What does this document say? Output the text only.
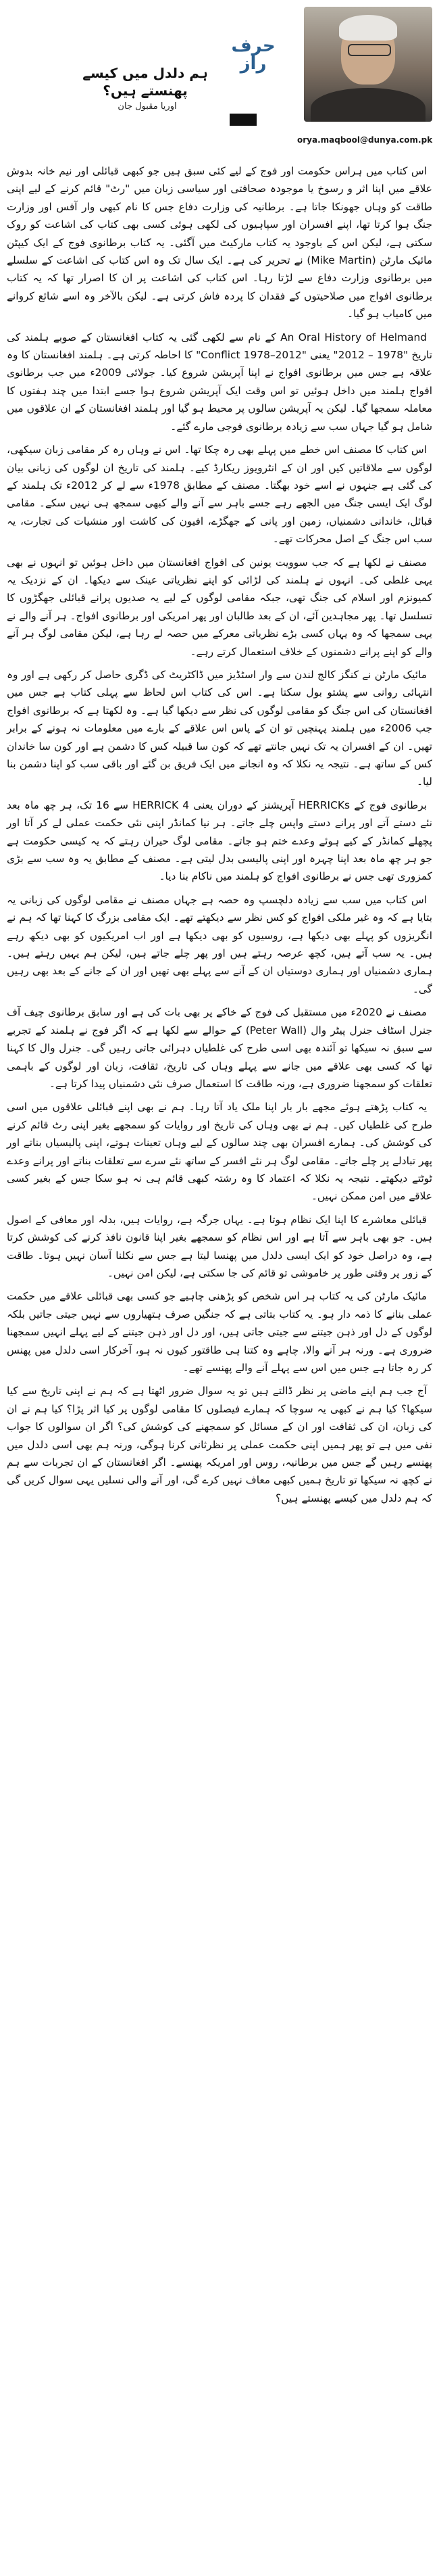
ہم دلدل میں کیسے پھنستے ہیں؟
اوریا مقبول جان
حرف راز
orya.maqbool@dunya.com.pk

اس کتاب میں ہراس حکومت اور فوج کے لیے کئی سبق ہیں جو کبھی قبائلی اور نیم خانہ بدوش علاقے میں اپنا اثر و رسوخ یا موجودہ صحافتی اور سیاسی زبان میں "رٹ" قائم کرنے کے لیے اپنی طاقت کو وہاں جھونکا جاتا ہے۔ برطانیہ کی وزارت دفاع جس کا نام کبھی وار آفس اور وزارت جنگ ہوا کرتا تھا، اپنے افسران اور سپاہیوں کی لکھی ہوئی کسی بھی کتاب کی اشاعت کو روک سکتی ہے، لیکن اس کے باوجود یہ کتاب مارکیٹ میں آگئی۔ یہ کتاب برطانوی فوج کے ایک کیپٹن مائیک مارٹن (Mike Martin) نے تحریر کی ہے۔ ایک سال تک وہ اس کتاب کی اشاعت کے سلسلے میں برطانوی وزارت دفاع سے لڑتا رہا۔ اس کتاب کی اشاعت پر ان کا اصرار تھا کہ یہ کتاب برطانوی افواج میں صلاحیتوں کے فقدان کا پردہ فاش کرتی ہے۔ لیکن بالآخر وہ اسے شائع کروانے میں کامیاب ہو گیا۔

An Oral History of Helmand کے نام سے لکھی گئی یہ کتاب افغانستان کے صوبے ہلمند کی تاریخ "1978 – 2012" یعنی "Conflict 1978–2012" کا احاطہ کرتی ہے۔ ہلمند افغانستان کا وہ علاقہ ہے جس میں برطانوی افواج نے اپنا آپریشن شروع کیا۔ جولائی 2009ء میں جب برطانوی افواج ہلمند میں داخل ہوئیں تو اس وقت ایک آپریشن شروع ہوا جسے ابتدا میں چند ہفتوں کا معاملہ سمجھا گیا۔ لیکن یہ آپریشن سالوں پر محیط ہو گیا اور ہلمند افغانستان کے ان علاقوں میں شامل ہو گیا جہاں سب سے زیادہ برطانوی فوجی مارے گئے۔

اس کتاب کا مصنف اس خطے میں پہلے بھی رہ چکا تھا۔ اس نے وہاں رہ کر مقامی زبان سیکھی، لوگوں سے ملاقاتیں کیں اور ان کے انٹرویوز ریکارڈ کیے۔ ہلمند کی تاریخ ان لوگوں کی زبانی بیان کی گئی ہے جنہوں نے اسے خود بھگتا۔ مصنف کے مطابق 1978ء سے لے کر 2012ء تک ہلمند کے لوگ ایک ایسی جنگ میں الجھے رہے جسے باہر سے آنے والے کبھی سمجھ ہی نہیں سکے۔ مقامی قبائل، خاندانی دشمنیاں، زمین اور پانی کے جھگڑے، افیون کی کاشت اور منشیات کی تجارت، یہ سب اس جنگ کے اصل محرکات تھے۔

مصنف نے لکھا ہے کہ جب سوویت یونین کی افواج افغانستان میں داخل ہوئیں تو انہوں نے بھی یہی غلطی کی۔ انہوں نے ہلمند کی لڑائی کو اپنے نظریاتی عینک سے دیکھا۔ ان کے نزدیک یہ کمیونزم اور اسلام کی جنگ تھی، جبکہ مقامی لوگوں کے لیے یہ صدیوں پرانے قبائلی جھگڑوں کا تسلسل تھا۔ پھر مجاہدین آئے، ان کے بعد طالبان اور پھر امریکی اور برطانوی افواج۔ ہر آنے والے نے یہی سمجھا کہ وہ یہاں کسی بڑے نظریاتی معرکے میں حصہ لے رہا ہے، لیکن مقامی لوگ ہر آنے والے کو اپنے پرانے دشمنوں کے خلاف استعمال کرتے رہے۔

مائیک مارٹن نے کنگز کالج لندن سے وار اسٹڈیز میں ڈاکٹریٹ کی ڈگری حاصل کر رکھی ہے اور وہ انتہائی روانی سے پشتو بول سکتا ہے۔ اس کی کتاب اس لحاظ سے پہلی کتاب ہے جس میں افغانستان کی اس جنگ کو مقامی لوگوں کی نظر سے دیکھا گیا ہے۔ وہ لکھتا ہے کہ برطانوی افواج جب 2006ء میں ہلمند پہنچیں تو ان کے پاس اس علاقے کے بارے میں معلومات نہ ہونے کے برابر تھیں۔ ان کے افسران یہ تک نہیں جانتے تھے کہ کون سا قبیلہ کس کا دشمن ہے اور کون سا خاندان کس کے ساتھ ہے۔ نتیجہ یہ نکلا کہ وہ انجانے میں ایک فریق بن گئے اور باقی سب کو اپنا دشمن بنا لیا۔

برطانوی فوج کے HERRICKs آپریشنز کے دوران یعنی HERRICK 4 سے 16 تک، ہر چھ ماہ بعد نئے دستے آتے اور پرانے دستے واپس چلے جاتے۔ ہر نیا کمانڈر اپنی نئی حکمت عملی لے کر آتا اور پچھلے کمانڈر کے کیے ہوئے وعدے ختم ہو جاتے۔ مقامی لوگ حیران رہتے کہ یہ کیسی حکومت ہے جو ہر چھ ماہ بعد اپنا چہرہ اور اپنی پالیسی بدل لیتی ہے۔ مصنف کے مطابق یہ وہ سب سے بڑی کمزوری تھی جس نے برطانوی افواج کو ہلمند میں ناکام بنا دیا۔

اس کتاب میں سب سے زیادہ دلچسپ وہ حصہ ہے جہاں مصنف نے مقامی لوگوں کی زبانی یہ بتایا ہے کہ وہ غیر ملکی افواج کو کس نظر سے دیکھتے تھے۔ ایک مقامی بزرگ کا کہنا تھا کہ ہم نے انگریزوں کو پہلے بھی دیکھا ہے، روسیوں کو بھی دیکھا ہے اور اب امریکیوں کو بھی دیکھ رہے ہیں۔ یہ سب آتے ہیں، کچھ عرصہ رہتے ہیں اور پھر چلے جاتے ہیں، لیکن ہم یہیں رہتے ہیں۔ ہماری دشمنیاں اور ہماری دوستیاں ان کے آنے سے پہلے بھی تھیں اور ان کے جانے کے بعد بھی رہیں گی۔

مصنف نے 2020ء میں مستقبل کی فوج کے خاکے پر بھی بات کی ہے اور سابق برطانوی چیف آف جنرل اسٹاف جنرل پیٹر وال (Peter Wall) کے حوالے سے لکھا ہے کہ اگر فوج نے ہلمند کے تجربے سے سبق نہ سیکھا تو آئندہ بھی اسی طرح کی غلطیاں دہرائی جاتی رہیں گی۔ جنرل وال کا کہنا تھا کہ کسی بھی علاقے میں جانے سے پہلے وہاں کی تاریخ، ثقافت، زبان اور لوگوں کے باہمی تعلقات کو سمجھنا ضروری ہے، ورنہ طاقت کا استعمال صرف نئی دشمنیاں پیدا کرتا ہے۔

یہ کتاب پڑھتے ہوئے مجھے بار بار اپنا ملک یاد آتا رہا۔ ہم نے بھی اپنے قبائلی علاقوں میں اسی طرح کی غلطیاں کیں۔ ہم نے بھی وہاں کی تاریخ اور روایات کو سمجھے بغیر اپنی رٹ قائم کرنے کی کوشش کی۔ ہمارے افسران بھی چند سالوں کے لیے وہاں تعینات ہوتے، اپنی پالیسیاں بناتے اور پھر تبادلے پر چلے جاتے۔ مقامی لوگ ہر نئے افسر کے ساتھ نئے سرے سے تعلقات بناتے اور پرانے وعدے ٹوٹتے دیکھتے۔ نتیجہ یہ نکلا کہ اعتماد کا وہ رشتہ کبھی قائم ہی نہ ہو سکا جس کے بغیر کسی علاقے میں امن ممکن نہیں۔

قبائلی معاشرے کا اپنا ایک نظام ہوتا ہے۔ یہاں جرگہ ہے، روایات ہیں، بدلہ اور معافی کے اصول ہیں۔ جو بھی باہر سے آتا ہے اور اس نظام کو سمجھے بغیر اپنا قانون نافذ کرنے کی کوشش کرتا ہے، وہ دراصل خود کو ایک ایسی دلدل میں پھنسا لیتا ہے جس سے نکلنا آسان نہیں ہوتا۔ طاقت کے زور پر وقتی طور پر خاموشی تو قائم کی جا سکتی ہے، لیکن امن نہیں۔

مائیک مارٹن کی یہ کتاب ہر اس شخص کو پڑھنی چاہیے جو کسی بھی قبائلی علاقے میں حکمت عملی بنانے کا ذمہ دار ہو۔ یہ کتاب بتاتی ہے کہ جنگیں صرف ہتھیاروں سے نہیں جیتی جاتیں بلکہ لوگوں کے دل اور ذہن جیتنے سے جیتی جاتی ہیں، اور دل اور ذہن جیتنے کے لیے پہلے انہیں سمجھنا ضروری ہے۔ ورنہ ہر آنے والا، چاہے وہ کتنا ہی طاقتور کیوں نہ ہو، آخرکار اسی دلدل میں پھنس کر رہ جاتا ہے جس میں اس سے پہلے آنے والے پھنسے تھے۔

آج جب ہم اپنے ماضی پر نظر ڈالتے ہیں تو یہ سوال ضرور اٹھتا ہے کہ ہم نے اپنی تاریخ سے کیا سیکھا؟ کیا ہم نے کبھی یہ سوچا کہ ہمارے فیصلوں کا مقامی لوگوں پر کیا اثر پڑا؟ کیا ہم نے ان کی زبان، ان کی ثقافت اور ان کے مسائل کو سمجھنے کی کوشش کی؟ اگر ان سوالوں کا جواب نفی میں ہے تو پھر ہمیں اپنی حکمت عملی پر نظرثانی کرنا ہوگی، ورنہ ہم بھی اسی دلدل میں پھنسے رہیں گے جس میں برطانیہ، روس اور امریکہ پھنسے۔ اگر افغانستان کے ان تجربات سے ہم نے کچھ نہ سیکھا تو تاریخ ہمیں کبھی معاف نہیں کرے گی، اور آنے والی نسلیں یہی سوال کریں گی کہ ہم دلدل میں کیسے پھنستے ہیں؟
